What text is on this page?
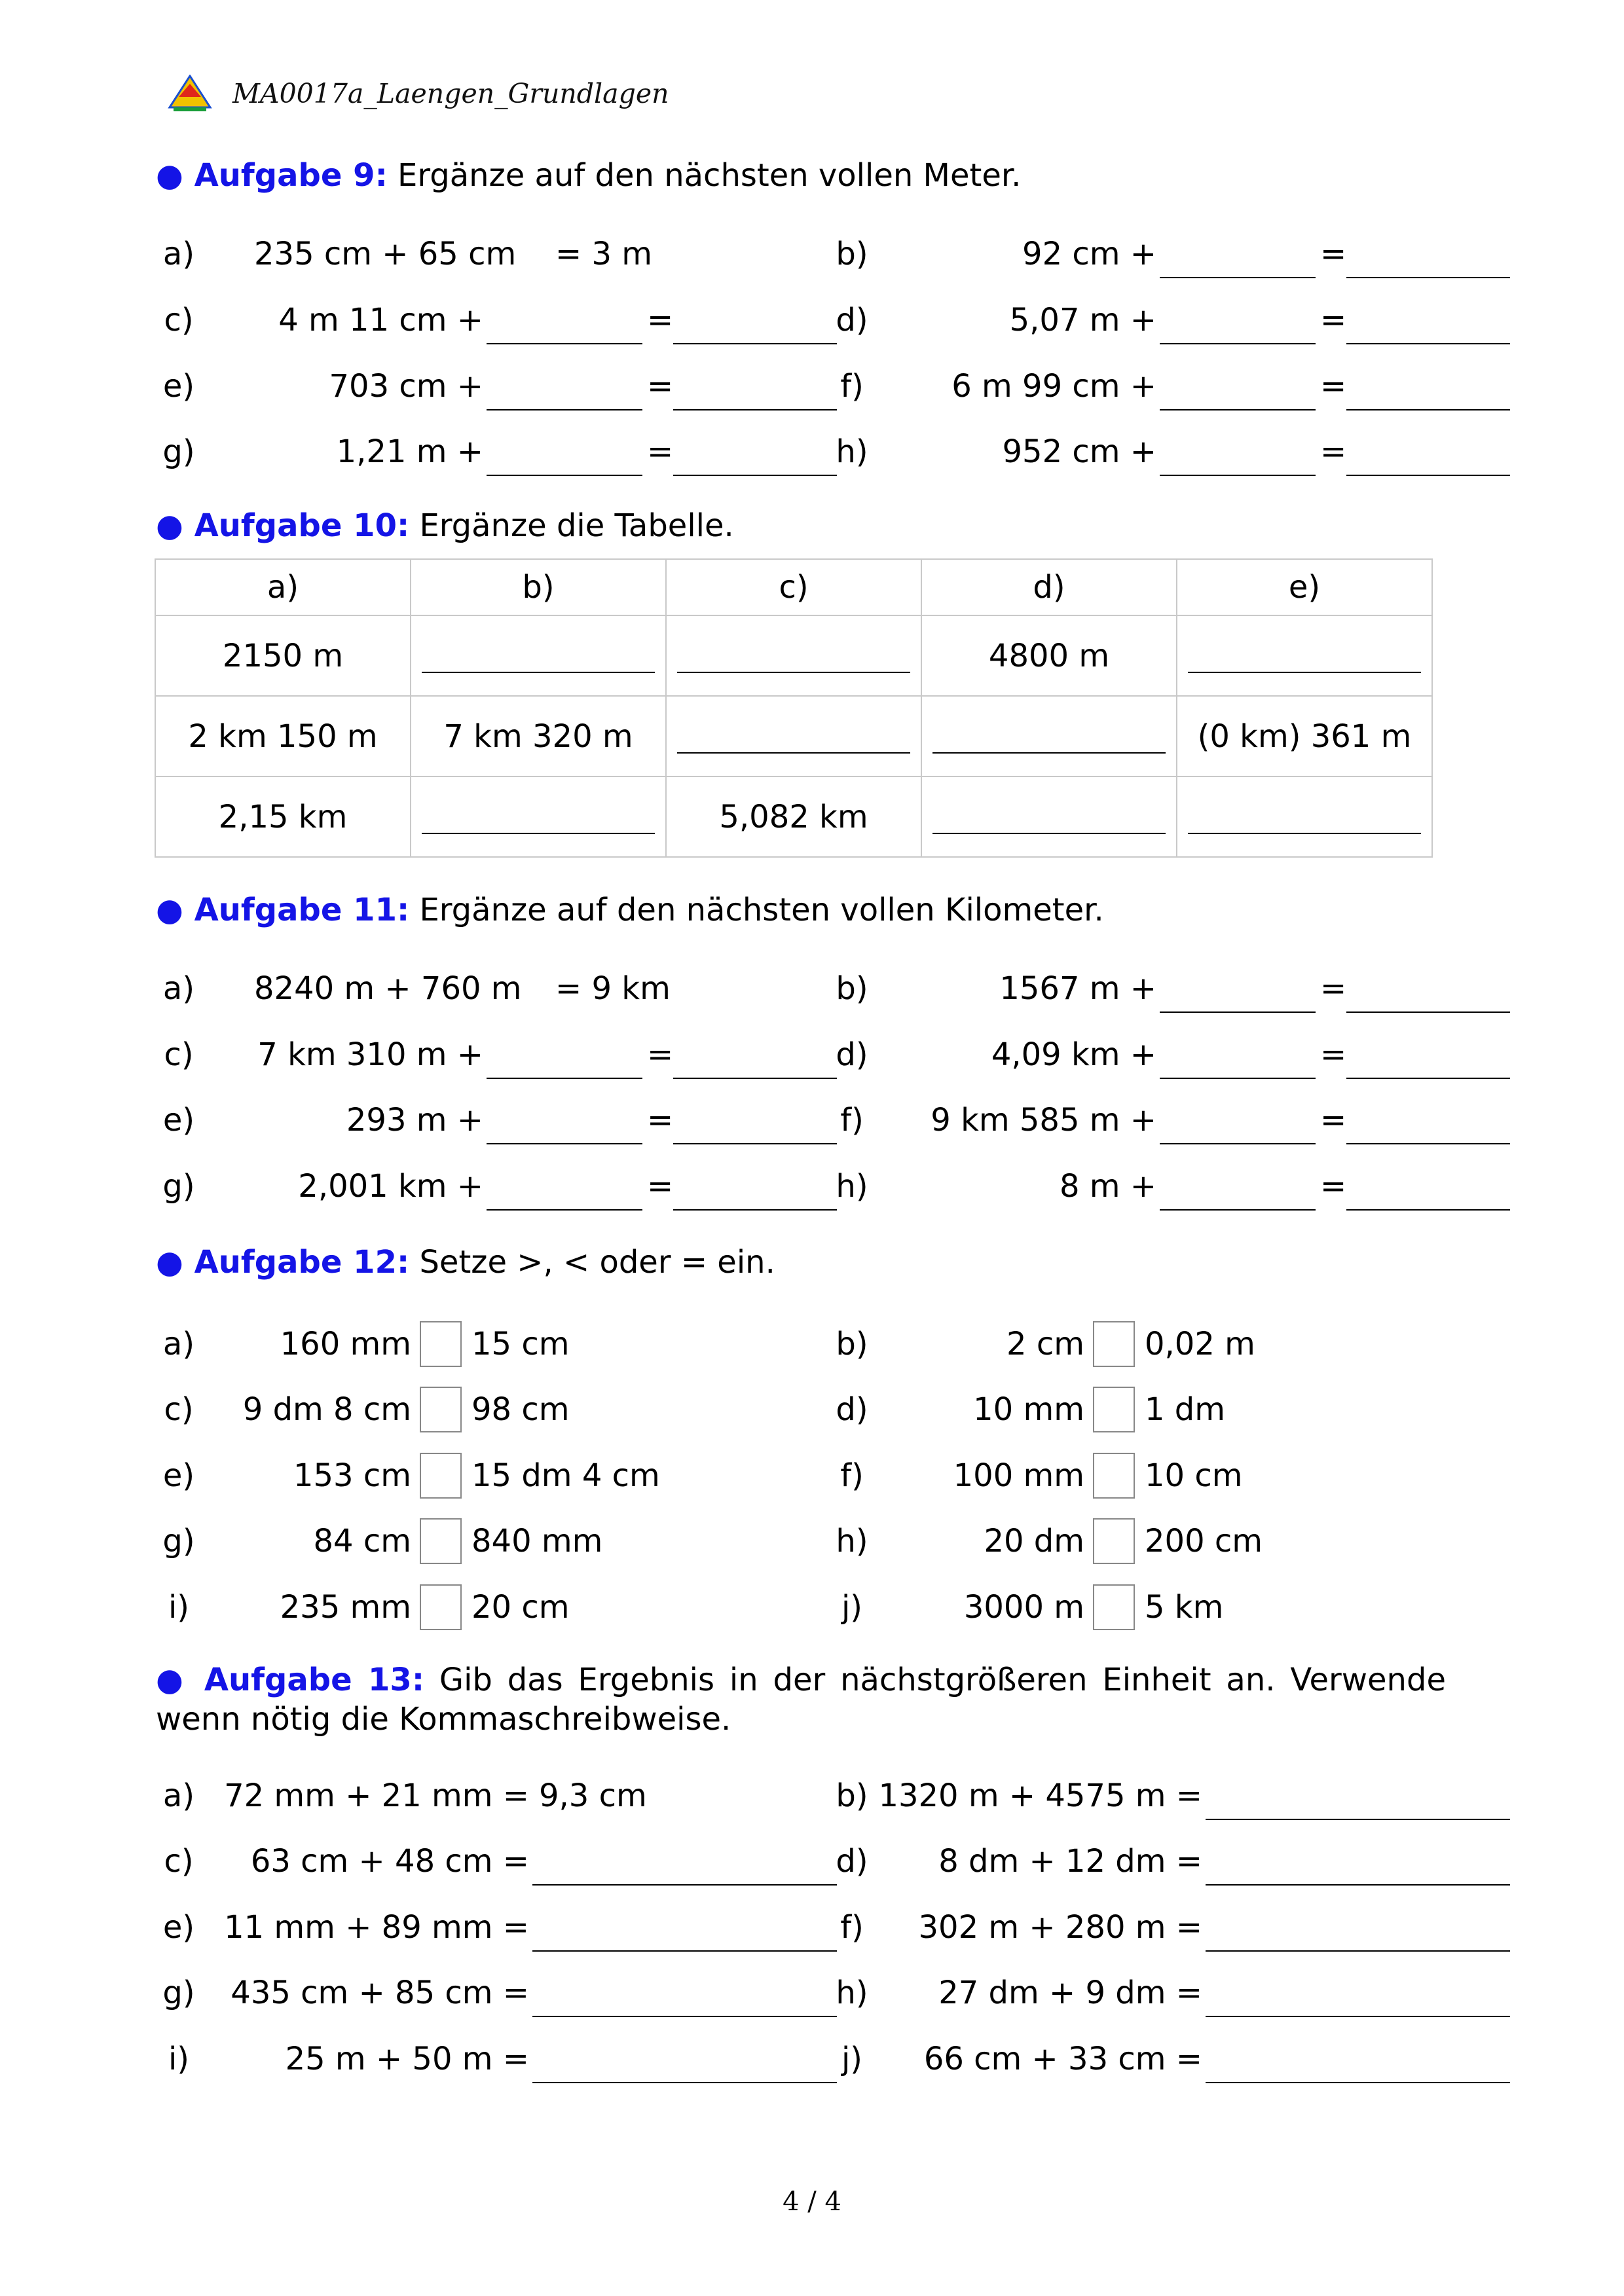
MA0017a_Laengen_Grundlagen
● Aufgabe 9: Ergänze auf den nächsten vollen Meter.
a)	235 cm + 65 cm = 3 m	b)	92 cm +	=
c)	4 m 11 cm +	=	d)	5,07 m +	=
e)	703 cm +	=	f)	6 m 99 cm +	=
g)	1,21 m +	=	h)	952 cm +	=
● Aufgabe 10: Ergänze die Tabelle.
a)	b)	c)	d)	e)
2150 m			4800 m	
2 km 150 m	7 km 320 m			(0 km) 361 m
2,15 km		5,082 km		
● Aufgabe 11: Ergänze auf den nächsten vollen Kilometer.
a)	8240 m + 760 m = 9 km	b)	1567 m +	=
c)	7 km 310 m +	=	d)	4,09 km +	=
e)	293 m +	=	f)	9 km 585 m +	=
g)	2,001 km +	=	h)	8 m +	=
● Aufgabe 12: Setze >, < oder = ein.
a)	160 mm 15 cm	b)	2 cm 0,02 m
c)	9 dm 8 cm 98 cm	d)	10 mm 1 dm
e)	153 cm 15 dm 4 cm	f)	100 mm 10 cm
g)	84 cm 840 mm	h)	20 dm 200 cm
i)	235 mm 20 cm	j)	3000 m 5 km
● Aufgabe 13: Gib das Ergebnis in der nächstgrößeren Einheit an. Verwende wenn nötig die Kommaschreibweise.
a) 72 mm + 21 mm = 9,3 cm	b) 1320 m + 4575 m =
c)	63 cm + 48 cm =	d)	8 dm + 12 dm =
e) 11 mm + 89 mm =	f)	302 m + 280 m =
g)	435 cm + 85 cm =	h)	27 dm + 9 dm =
i)	25 m + 50 m =	j)	66 cm + 33 cm =
4 / 4
